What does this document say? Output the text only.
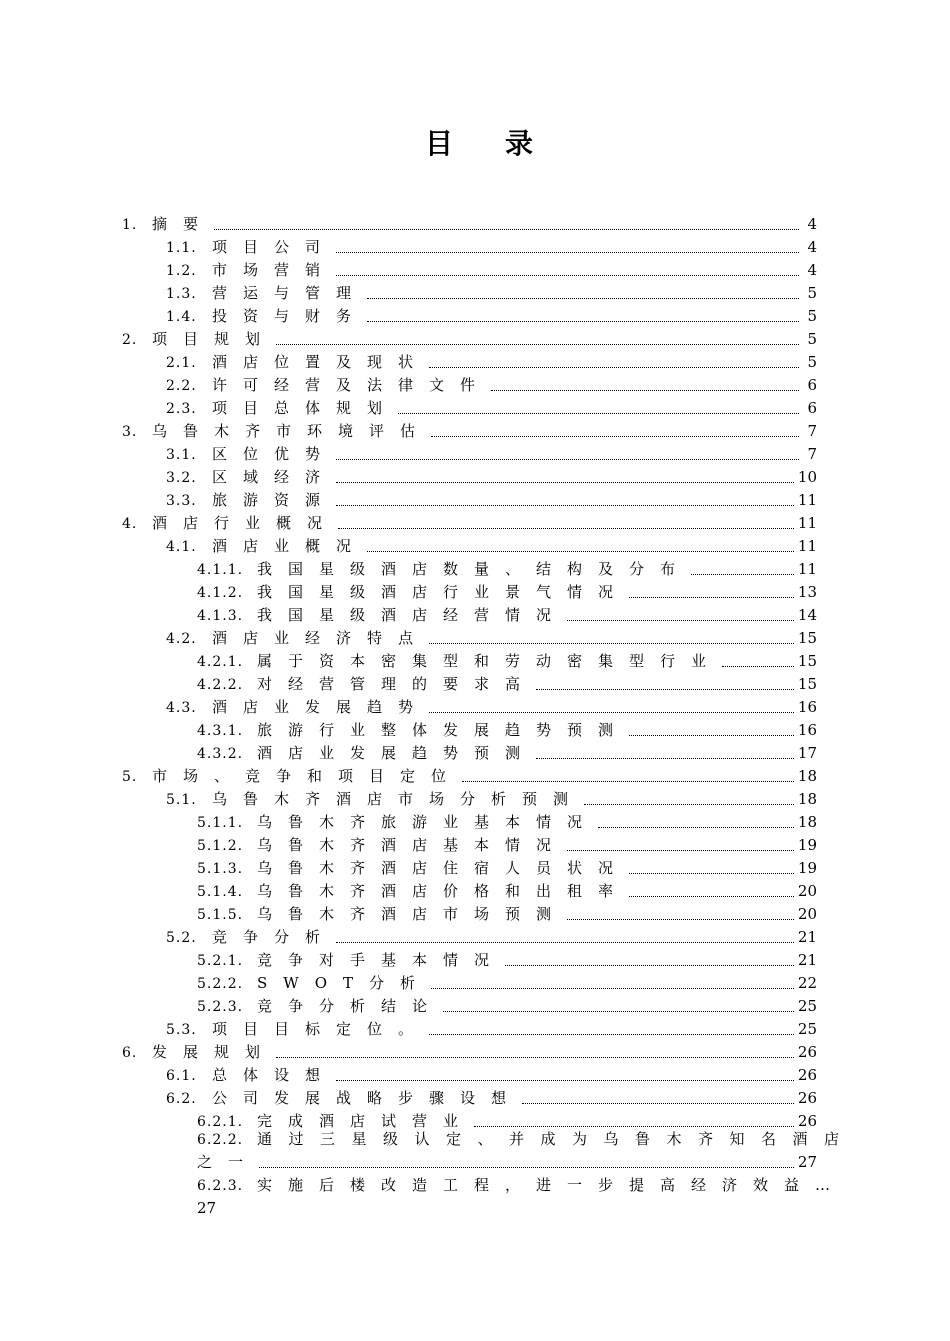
目录
1. 摘要	4
1.1.	项目公司	4
1.2.	市场营销	4
1.3.	营运与管理	5
1.4.	投资与财务	5
2. 项目规划	5
2.1.	酒店位置及现状	5
2.2.	许可经营及法律文件	6
2.3.	项目总体规划	6
3. 乌鲁木齐市环境评估	7
3.1.	区位优势	7
3.2.	区域经济	10
3.3.	旅游资源	11
4. 酒店行业概况	11
4.1.	酒店业概况	11
4.1.1. 我国星级酒店数量、结构及分布	11
4.1.2. 我国星级酒店行业景气情况	13
4.1.3. 我国星级酒店经营情况	14
4.2.	酒店业经济特点	15
4.2.1. 属于资本密集型和劳动密集型行业	15
4.2.2. 对经营管理的要求高	15
4.3.	酒店业发展趋势	16
4.3.1. 旅游行业整体发展趋势预测	16
4.3.2. 酒店业发展趋势预测	17
5. 市场、竞争和项目定位	18
5.1.	乌鲁木齐酒店市场分析预测	18
5.1.1. 乌鲁木齐旅游业基本情况	18
5.1.2. 乌鲁木齐酒店基本情况	19
5.1.3. 乌鲁木齐酒店住宿人员状况	19
5.1.4. 乌鲁木齐酒店价格和出租率	20
5.1.5. 乌鲁木齐酒店市场预测	20
5.2.	竞争分析	21
5.2.1. 竞争对手基本情况	21
5.2.2. SWOT分析	22
5.2.3. 竞争分析结论	25
5.3.	项目目标定位。	25
6. 发展规划	26
6.1.	总体设想	26
6.2.	公司发展战略步骤设想	26
6.2.1. 完成酒店试营业	26
6.2.2. 通过三星级认定、并成为乌鲁木齐知名酒店
之一	27
6.2.3. 实施后楼改造工程，进一步提高经济效益…
27
